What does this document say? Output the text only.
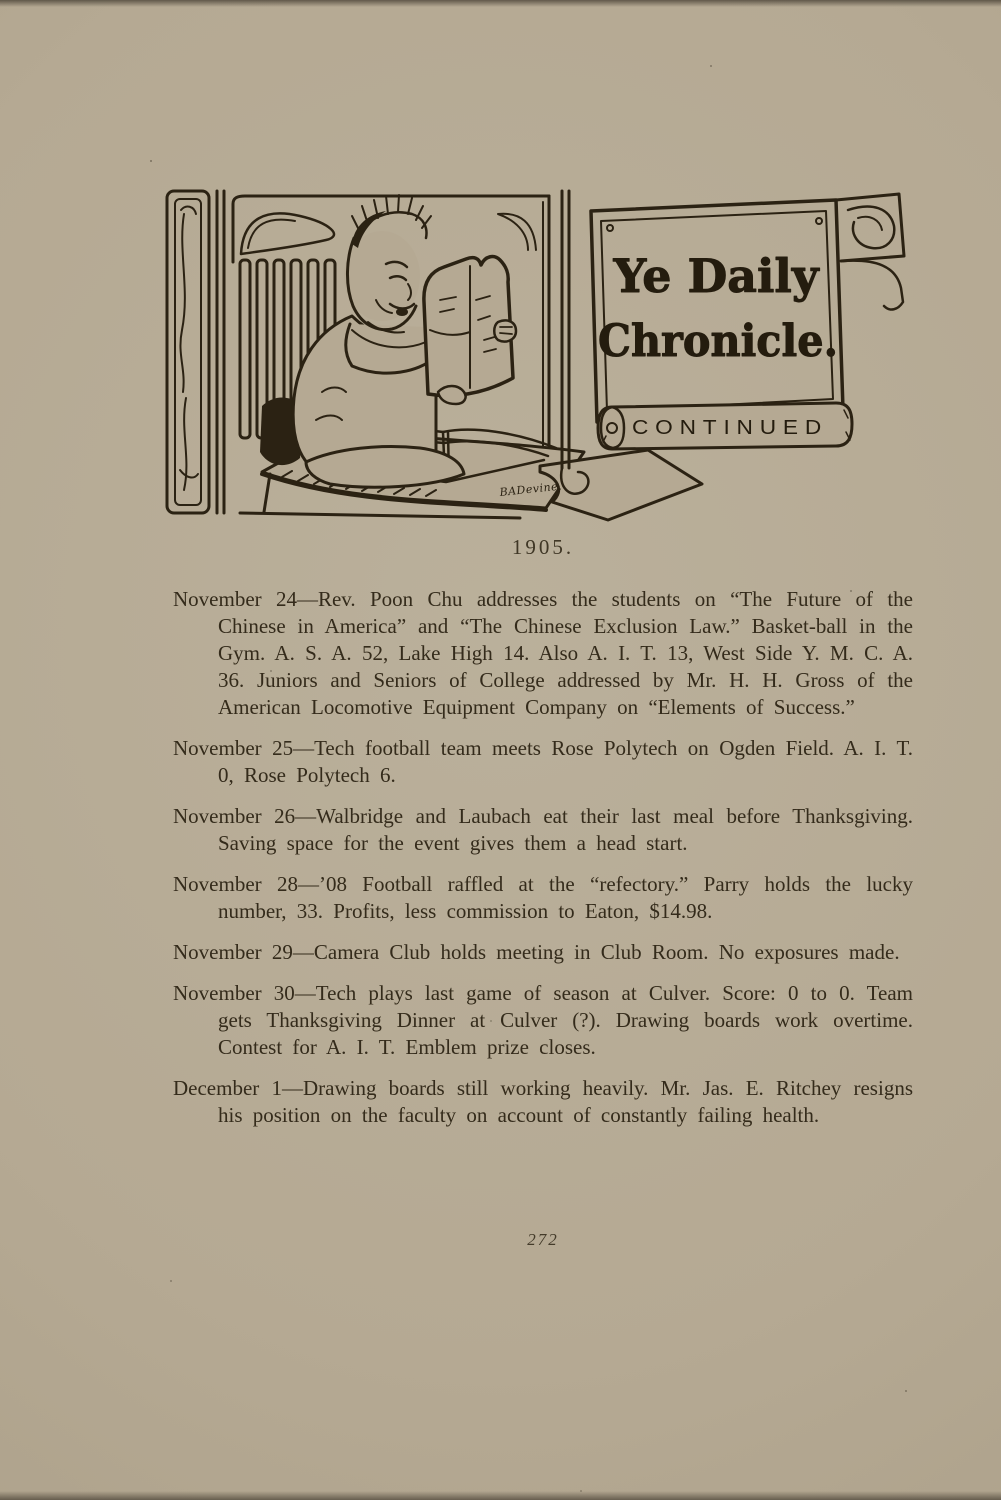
BADevine.
Ye Daily
Chronicle.
CONTINUED
1905.

November 24—Rev. Poon Chu addresses the students on “The Future of the Chinese in America” and “The Chinese Exclusion Law.” Basket-ball in the Gym. A. S. A. 52, Lake High 14. Also A. I. T. 13, West Side Y. M. C. A. 36. Juniors and Seniors of College addressed by Mr. H. H. Gross of the American Locomotive Equipment Company on “Elements of Success.”

November 25—Tech football team meets Rose Polytech on Ogden Field. A. I. T. 0, Rose Polytech 6.

November 26—Walbridge and Laubach eat their last meal before Thanksgiving. Saving space for the event gives them a head start.

November 28—’08 Football raffled at the “refectory.” Parry holds the lucky number, 33. Profits, less commission to Eaton, $14.98.

November 29—Camera Club holds meeting in Club Room. No exposures made.

November 30—Tech plays last game of season at Culver. Score: 0 to 0. Team gets Thanksgiving Dinner at Culver (?). Drawing boards work overtime. Contest for A. I. T. Emblem prize closes.

December 1—Drawing boards still working heavily. Mr. Jas. E. Ritchey resigns his position on the faculty on account of constantly failing health.

272
